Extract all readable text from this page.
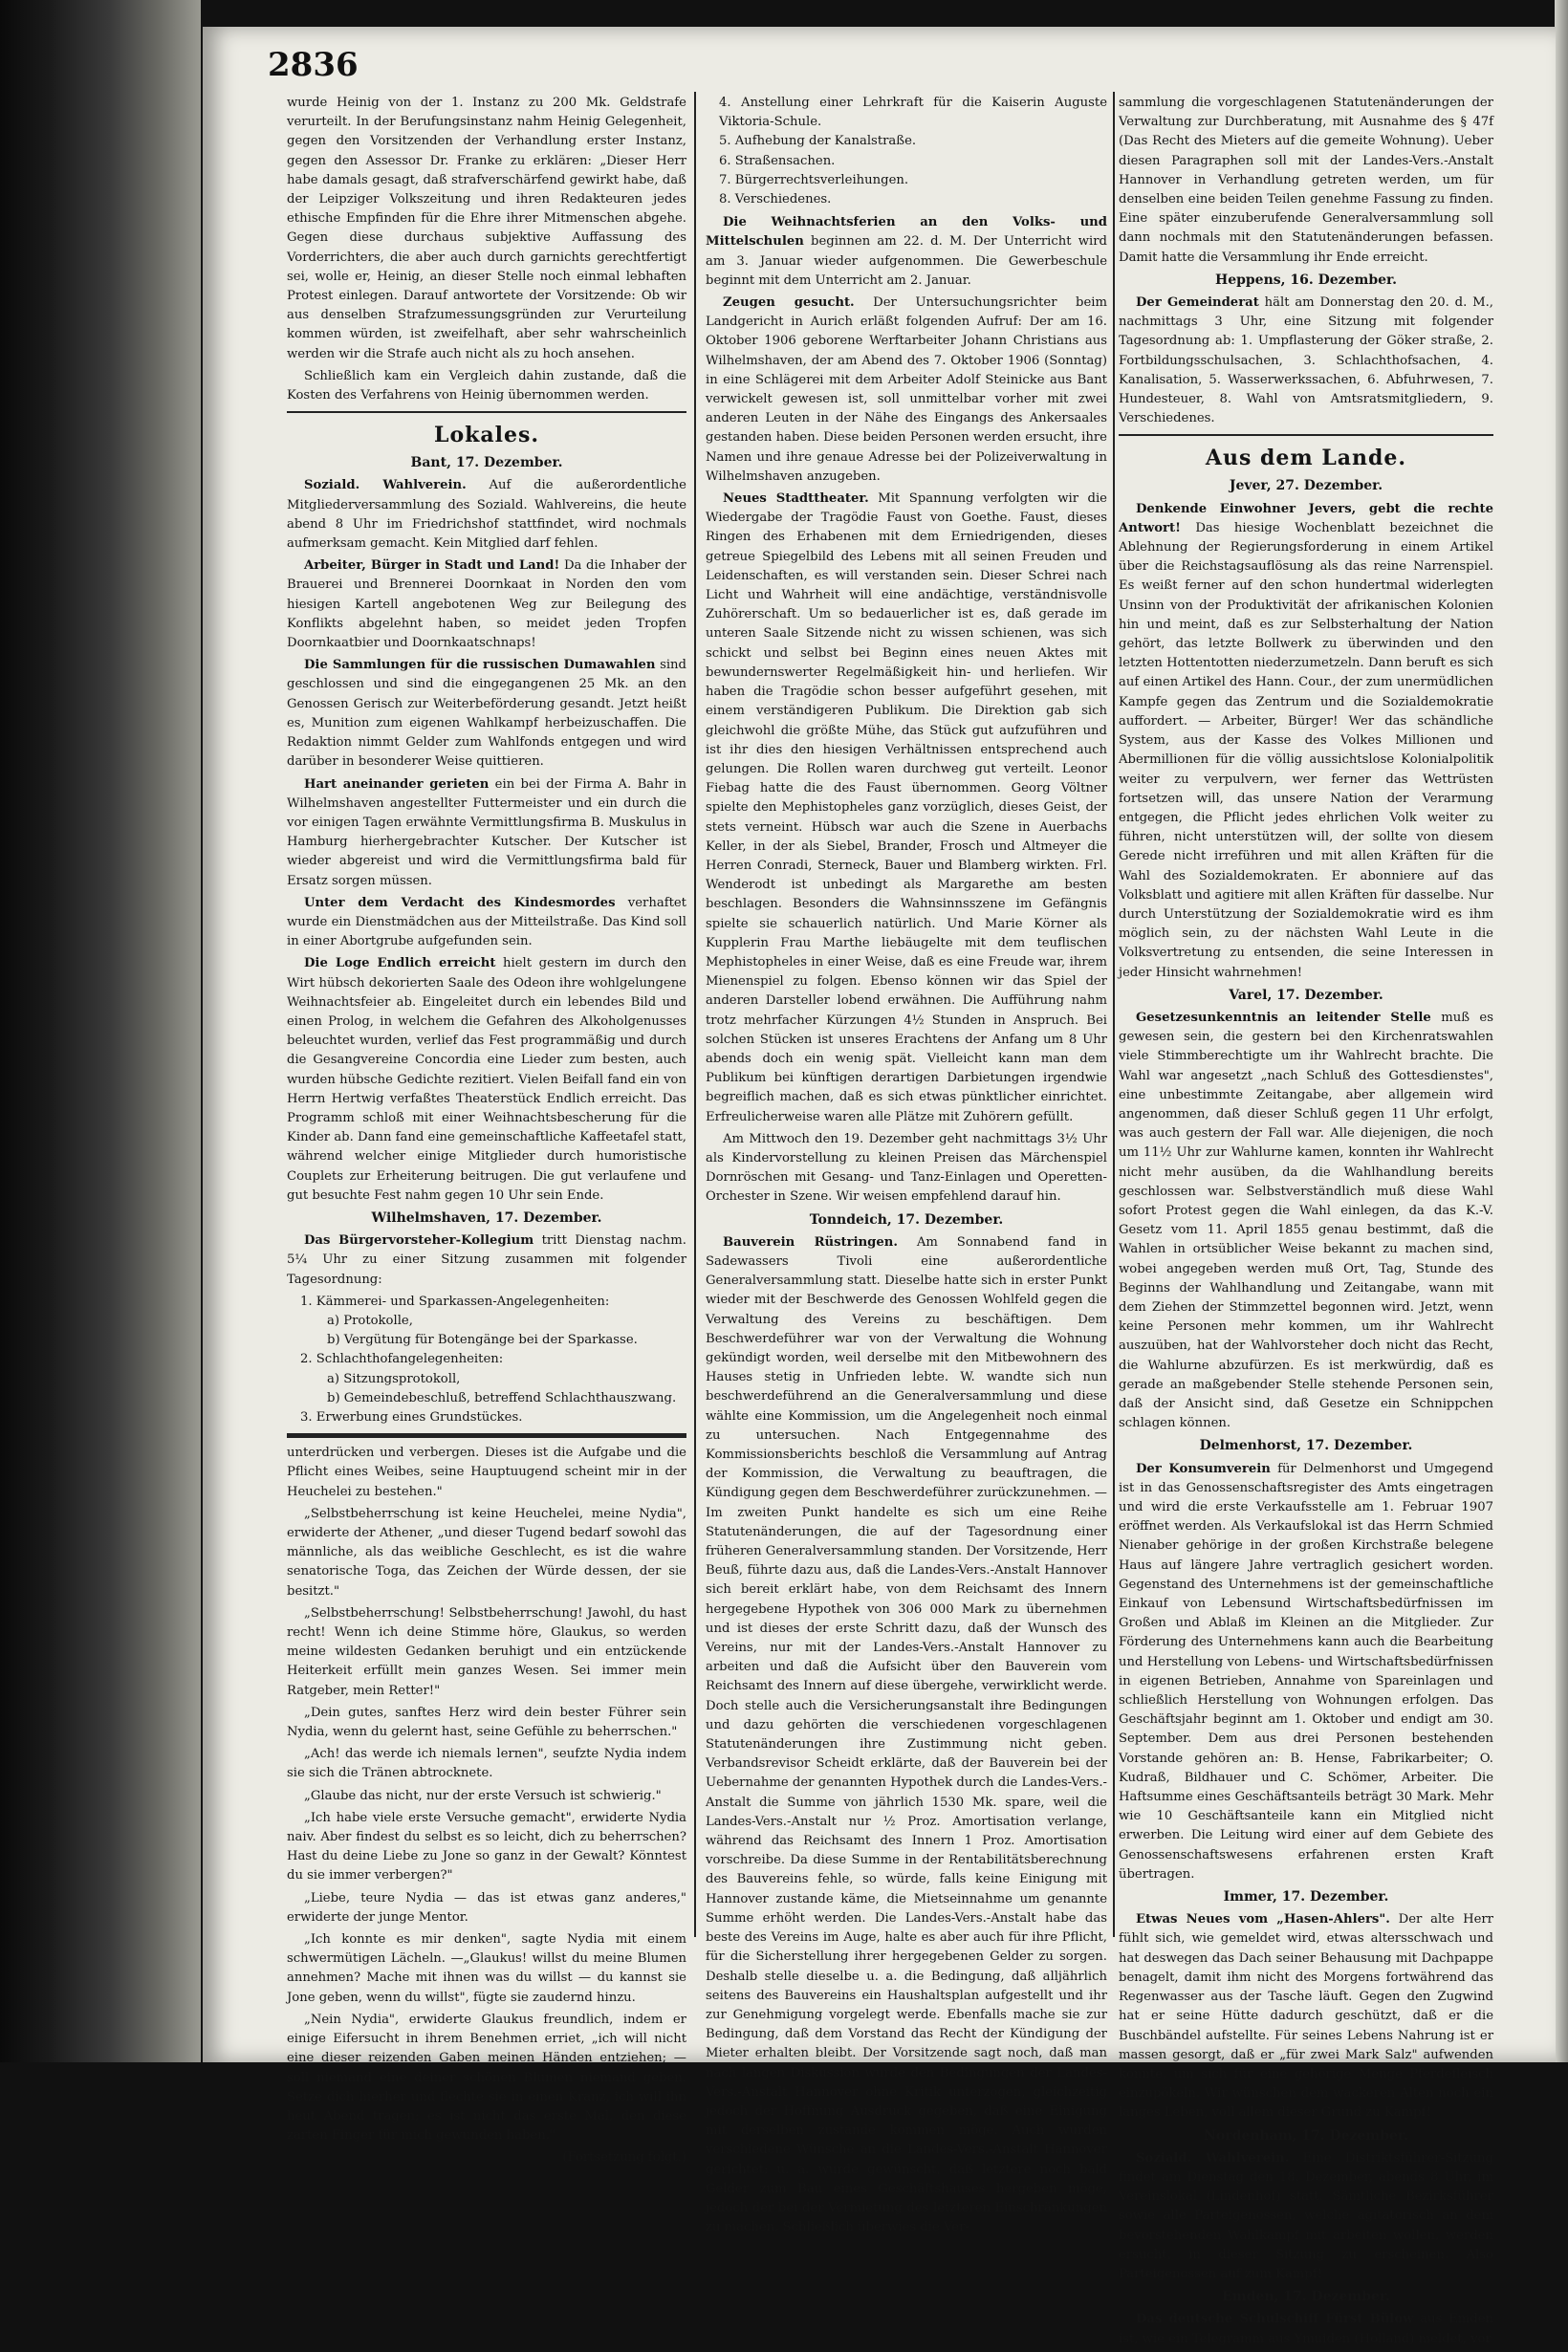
2836

wurde Heinig von der 1. Instanz zu 200 Mk. Geldstrafe verurteilt. In der Berufungsinstanz nahm Heinig Gelegenheit, gegen den Vorsitzenden der Verhandlung erster Instanz, gegen den Assessor Dr. Franke zu erklären: „Dieser Herr habe damals gesagt, daß strafverschärfend gewirkt habe, daß der Leipziger Volkszeitung und ihren Redakteuren jedes ethische Empfinden für die Ehre ihrer Mitmenschen abgehe. Gegen diese durchaus subjektive Auffassung des Vorderrichters, die aber auch durch garnichts gerechtfertigt sei, wolle er, Heinig, an dieser Stelle noch einmal lebhaften Protest einlegen. Darauf antwortete der Vorsitzende: Ob wir aus denselben Strafzumessungsgründen zur Verurteilung kommen würden, ist zweifelhaft, aber sehr wahrscheinlich werden wir die Strafe auch nicht als zu hoch ansehen.

Schließlich kam ein Vergleich dahin zustande, daß die Kosten des Verfahrens von Heinig übernommen werden.

Lokales.
Bant, 17. Dezember.

Soziald. Wahlverein. Auf die außerordentliche Mitgliederversammlung des Soziald. Wahlvereins, die heute abend 8 Uhr im Friedrichshof stattfindet, wird nochmals aufmerksam gemacht. Kein Mitglied darf fehlen.

Arbeiter, Bürger in Stadt und Land! Da die Inhaber der Brauerei und Brennerei Doornkaat in Norden den vom hiesigen Kartell angebotenen Weg zur Beilegung des Konflikts abgelehnt haben, so meidet jeden Tropfen Doornkaatbier und Doornkaatschnaps!

Die Sammlungen für die russischen Dumawahlen sind geschlossen und sind die eingegangenen 25 Mk. an den Genossen Gerisch zur Weiterbeförderung gesandt. Jetzt heißt es, Munition zum eigenen Wahlkampf herbeizuschaffen. Die Redaktion nimmt Gelder zum Wahlfonds entgegen und wird darüber in besonderer Weise quittieren.

Hart aneinander gerieten ein bei der Firma A. Bahr in Wilhelmshaven angestellter Futtermeister und ein durch die vor einigen Tagen erwähnte Vermittlungsfirma B. Muskulus in Hamburg hierhergebrachter Kutscher. Der Kutscher ist wieder abgereist und wird die Vermittlungsfirma bald für Ersatz sorgen müssen.

Unter dem Verdacht des Kindesmordes verhaftet wurde ein Dienstmädchen aus der Mitteilstraße. Das Kind soll in einer Abortgrube aufgefunden sein.

Die Loge Endlich erreicht hielt gestern im durch den Wirt hübsch dekorierten Saale des Odeon ihre wohlgelungene Weihnachtsfeier ab. Eingeleitet durch ein lebendes Bild und einen Prolog, in welchem die Gefahren des Alkoholgenusses beleuchtet wurden, verlief das Fest programmäßig und durch die Gesangvereine Concordia eine Lieder zum besten, auch wurden hübsche Gedichte rezitiert. Vielen Beifall fand ein von Herrn Hertwig verfaßtes Theaterstück Endlich erreicht. Das Programm schloß mit einer Weihnachtsbescherung für die Kinder ab. Dann fand eine gemeinschaftliche Kaffeetafel statt, während welcher einige Mitglieder durch humoristische Couplets zur Erheiterung beitrugen. Die gut verlaufene und gut besuchte Fest nahm gegen 10 Uhr sein Ende.

Wilhelmshaven, 17. Dezember.

Das Bürgervorsteher-Kollegium tritt Dienstag nachm. 5¼ Uhr zu einer Sitzung zusammen mit folgender Tagesordnung:

1. Kämmerei- und Sparkassen-Angelegenheiten:
a) Protokolle,
b) Vergütung für Botengänge bei der Sparkasse.
2. Schlachthofangelegenheiten:
a) Sitzungsprotokoll,
b) Gemeindebeschluß, betreffend Schlachthauszwang.
3. Erwerbung eines Grundstückes.

unterdrücken und verbergen. Dieses ist die Aufgabe und die Pflicht eines Weibes, seine Hauptuugend scheint mir in der Heuchelei zu bestehen."

„Selbstbeherrschung ist keine Heuchelei, meine Nydia", erwiderte der Athener, „und dieser Tugend bedarf sowohl das männliche, als das weibliche Geschlecht, es ist die wahre senatorische Toga, das Zeichen der Würde dessen, der sie besitzt."

„Selbstbeherrschung! Selbstbeherrschung! Jawohl, du hast recht! Wenn ich deine Stimme höre, Glaukus, so werden meine wildesten Gedanken beruhigt und ein entzückende Heiterkeit erfüllt mein ganzes Wesen. Sei immer mein Ratgeber, mein Retter!"

„Dein gutes, sanftes Herz wird dein bester Führer sein Nydia, wenn du gelernt hast, seine Gefühle zu beherrschen."

„Ach! das werde ich niemals lernen", seufzte Nydia indem sie sich die Tränen abtrocknete.

„Glaube das nicht, nur der erste Versuch ist schwierig."

„Ich habe viele erste Versuche gemacht", erwiderte Nydia naiv. Aber findest du selbst es so leicht, dich zu beherrschen? Hast du deine Liebe zu Jone so ganz in der Gewalt? Könntest du sie immer verbergen?"

„Liebe, teure Nydia — das ist etwas ganz anderes," erwiderte der junge Mentor.

„Ich konnte es mir denken", sagte Nydia mit einem schwermütigen Lächeln. —„Glaukus! willst du meine Blumen annehmen? Mache mit ihnen was du willst — du kannst sie Jone geben, wenn du willst", fügte sie zaudernd hinzu.

„Nein Nydia", erwiderte Glaukus freundlich, indem er einige Eifersucht in ihrem Benehmen erriet, „ich will nicht eine dieser reizenden Gaben meinen Händen entziehen; — soll niemand eine deiner schönen Blumen niemand geben. Setze dich hierher und flechte sie in einen Kranz, ich will ihn heut Abend tragen; es ist nicht das erste Mal, den diese zarten Finger für mich gewunden haben."

(Fortsetzung folgt.)
4. Anstellung einer Lehrkraft für die Kaiserin Auguste Viktoria-Schule.
5. Aufhebung der Kanalstraße.
6. Straßensachen.
7. Bürgerrechtsverleihungen.
8. Verschiedenes.

Die Weihnachtsferien an den Volks- und Mittelschulen beginnen am 22. d. M. Der Unterricht wird am 3. Januar wieder aufgenommen. Die Gewerbeschule beginnt mit dem Unterricht am 2. Januar.

Zeugen gesucht. Der Untersuchungsrichter beim Landgericht in Aurich erläßt folgenden Aufruf: Der am 16. Oktober 1906 geborene Werftarbeiter Johann Christians aus Wilhelmshaven, der am Abend des 7. Oktober 1906 (Sonntag) in eine Schlägerei mit dem Arbeiter Adolf Steinicke aus Bant verwickelt gewesen ist, soll unmittelbar vorher mit zwei anderen Leuten in der Nähe des Eingangs des Ankersaales gestanden haben. Diese beiden Personen werden ersucht, ihre Namen und ihre genaue Adresse bei der Polizeiverwaltung in Wilhelmshaven anzugeben.

Neues Stadttheater. Mit Spannung verfolgten wir die Wiedergabe der Tragödie Faust von Goethe. Faust, dieses Ringen des Erhabenen mit dem Erniedrigenden, dieses getreue Spiegelbild des Lebens mit all seinen Freuden und Leidenschaften, es will verstanden sein. Dieser Schrei nach Licht und Wahrheit will eine andächtige, verständnisvolle Zuhörerschaft. Um so bedauerlicher ist es, daß gerade im unteren Saale Sitzende nicht zu wissen schienen, was sich schickt und selbst bei Beginn eines neuen Aktes mit bewundernswerter Regelmäßigkeit hin- und herliefen. Wir haben die Tragödie schon besser aufgeführt gesehen, mit einem verständigeren Publikum. Die Direktion gab sich gleichwohl die größte Mühe, das Stück gut aufzuführen und ist ihr dies den hiesigen Verhältnissen entsprechend auch gelungen. Die Rollen waren durchweg gut verteilt. Leonor Fiebag hatte die des Faust übernommen. Georg Völtner spielte den Mephistopheles ganz vorzüglich, dieses Geist, der stets verneint. Hübsch war auch die Szene in Auerbachs Keller, in der als Siebel, Brander, Frosch und Altmeyer die Herren Conradi, Sterneck, Bauer und Blamberg wirkten. Frl. Wenderodt ist unbedingt als Margarethe am besten beschlagen. Besonders die Wahnsinnsszene im Gefängnis spielte sie schauerlich natürlich. Und Marie Körner als Kupplerin Frau Marthe liebäugelte mit dem teuflischen Mephistopheles in einer Weise, daß es eine Freude war, ihrem Mienenspiel zu folgen. Ebenso können wir das Spiel der anderen Darsteller lobend erwähnen. Die Aufführung nahm trotz mehrfacher Kürzungen 4½ Stunden in Anspruch. Bei solchen Stücken ist unseres Erachtens der Anfang um 8 Uhr abends doch ein wenig spät. Vielleicht kann man dem Publikum bei künftigen derartigen Darbietungen irgendwie begreiflich machen, daß es sich etwas pünktlicher einrichtet. Erfreulicherweise waren alle Plätze mit Zuhörern gefüllt.

Am Mittwoch den 19. Dezember geht nachmittags 3½ Uhr als Kindervorstellung zu kleinen Preisen das Märchenspiel Dornröschen mit Gesang- und Tanz-Einlagen und Operetten-Orchester in Szene. Wir weisen empfehlend darauf hin.

Tonndeich, 17. Dezember.

Bauverein Rüstringen. Am Sonnabend fand in Sadewassers Tivoli eine außerordentliche Generalversammlung statt. Dieselbe hatte sich in erster Punkt wieder mit der Beschwerde des Genossen Wohlfeld gegen die Verwaltung des Vereins zu beschäftigen. Dem Beschwerdeführer war von der Verwaltung die Wohnung gekündigt worden, weil derselbe mit den Mitbewohnern des Hauses stetig in Unfrieden lebte. W. wandte sich nun beschwerdeführend an die Generalversammlung und diese wählte eine Kommission, um die Angelegenheit noch einmal zu untersuchen. Nach Entgegennahme des Kommissionsberichts beschloß die Versammlung auf Antrag der Kommission, die Verwaltung zu beauftragen, die Kündigung gegen dem Beschwerdeführer zurückzunehmen. — Im zweiten Punkt handelte es sich um eine Reihe Statutenänderungen, die auf der Tagesordnung einer früheren Generalversammlung standen. Der Vorsitzende, Herr Beuß, führte dazu aus, daß die Landes-Vers.-Anstalt Hannover sich bereit erklärt habe, von dem Reichsamt des Innern hergegebene Hypothek von 306 000 Mark zu übernehmen und ist dieses der erste Schritt dazu, daß der Wunsch des Vereins, nur mit der Landes-Vers.-Anstalt Hannover zu arbeiten und daß die Aufsicht über den Bauverein vom Reichsamt des Innern auf diese übergehe, verwirklicht werde. Doch stelle auch die Versicherungsanstalt ihre Bedingungen und dazu gehörten die verschiedenen vorgeschlagenen Statutenänderungen ihre Zustimmung nicht geben. Verbandsrevisor Scheidt erklärte, daß der Bauverein bei der Uebernahme der genannten Hypothek durch die Landes-Vers.-Anstalt die Summe von jährlich 1530 Mk. spare, weil die Landes-Vers.-Anstalt nur ½ Proz. Amortisation verlange, während das Reichsamt des Innern 1 Proz. Amortisation vorschreibe. Da diese Summe in der Rentabilitätsberechnung des Bauvereins fehle, so würde, falls keine Einigung mit Hannover zustande käme, die Mietseinnahme um genannte Summe erhöht werden. Die Landes-Vers.-Anstalt habe das beste des Vereins im Auge, halte es aber auch für ihre Pflicht, für die Sicherstellung ihrer hergegebenen Gelder zu sorgen. Deshalb stelle dieselbe u. a. die Bedingung, daß alljährlich seitens des Bauvereins ein Haushaltsplan aufgestellt und ihr zur Genehmigung vorgelegt werde. Ebenfalls mache sie zur Bedingung, daß dem Vorstand das Recht der Kündigung der Mieter erhalten bleibt. Der Vorsitzende sagt noch, daß man nach langen Diskussion wurde den Bedingungen der Landes-Vers.-Anstalt Hannover ohne Kritik unterzogen, gleichzeitig jedoch der Hoffnung Ausdruck gegeben, daß eine Einigung mit derselben zustande kommen möge. Auch wurden verschiedene Wünsche an die Landes-Vers.-Anstalt Hannover gerichtet; u. a. wurde gewünscht, daß letztere noch bald Gelder zum Bau eines Geschäftshauses hergeben möge, jedoch der bei der Vermietung des letzteren Einschränkungen zu machen. Schließlich überwies die Ver-

sammlung die vorgeschlagenen Statutenänderungen der Verwaltung zur Durchberatung, mit Ausnahme des § 47f (Das Recht des Mieters auf die gemeite Wohnung). Ueber diesen Paragraphen soll mit der Landes-Vers.-Anstalt Hannover in Verhandlung getreten werden, um für denselben eine beiden Teilen genehme Fassung zu finden. Eine später einzuberufende Generalversammlung soll dann nochmals mit den Statutenänderungen befassen. Damit hatte die Versammlung ihr Ende erreicht.

Heppens, 16. Dezember.

Der Gemeinderat hält am Donnerstag den 20. d. M., nachmittags 3 Uhr, eine Sitzung mit folgender Tagesordnung ab: 1. Umpflasterung der Göker straße, 2. Fortbildungsschulsachen, 3. Schlachthofsachen, 4. Kanalisation, 5. Wasserwerkssachen, 6. Abfuhrwesen, 7. Hundesteuer, 8. Wahl von Amtsratsmitgliedern, 9. Verschiedenes.

Aus dem Lande.
Jever, 27. Dezember.

Denkende Einwohner Jevers, gebt die rechte Antwort! Das hiesige Wochenblatt bezeichnet die Ablehnung der Regierungsforderung in einem Artikel über die Reichstagsauflösung als das reine Narrenspiel. Es weißt ferner auf den schon hundertmal widerlegten Unsinn von der Produktivität der afrikanischen Kolonien hin und meint, daß es zur Selbsterhaltung der Nation gehört, das letzte Bollwerk zu überwinden und den letzten Hottentotten niederzumetzeln. Dann beruft es sich auf einen Artikel des Hann. Cour., der zum unermüdlichen Kampfe gegen das Zentrum und die Sozialdemokratie auffordert. — Arbeiter, Bürger! Wer das schändliche System, aus der Kasse des Volkes Millionen und Abermillionen für die völlig aussichtslose Kolonialpolitik weiter zu verpulvern, wer ferner das Wettrüsten fortsetzen will, das unsere Nation der Verarmung entgegen, die Pflicht jedes ehrlichen Volk weiter zu führen, nicht unterstützen will, der sollte von diesem Gerede nicht irreführen und mit allen Kräften für die Wahl des Sozialdemokraten. Er abonniere auf das Volksblatt und agitiere mit allen Kräften für dasselbe. Nur durch Unterstützung der Sozialdemokratie wird es ihm möglich sein, zu der nächsten Wahl Leute in die Volksvertretung zu entsenden, die seine Interessen in jeder Hinsicht wahrnehmen!

Varel, 17. Dezember.

Gesetzesunkenntnis an leitender Stelle muß es gewesen sein, die gestern bei den Kirchenratswahlen viele Stimmberechtigte um ihr Wahlrecht brachte. Die Wahl war angesetzt „nach Schluß des Gottesdienstes", eine unbestimmte Zeitangabe, aber allgemein wird angenommen, daß dieser Schluß gegen 11 Uhr erfolgt, was auch gestern der Fall war. Alle diejenigen, die noch um 11½ Uhr zur Wahlurne kamen, konnten ihr Wahlrecht nicht mehr ausüben, da die Wahlhandlung bereits geschlossen war. Selbstverständlich muß diese Wahl sofort Protest gegen die Wahl einlegen, da das K.-V. Gesetz vom 11. April 1855 genau bestimmt, daß die Wahlen in ortsüblicher Weise bekannt zu machen sind, wobei angegeben werden muß Ort, Tag, Stunde des Beginns der Wahlhandlung und Zeitangabe, wann mit dem Ziehen der Stimmzettel begonnen wird. Jetzt, wenn keine Personen mehr kommen, um ihr Wahlrecht auszuüben, hat der Wahlvorsteher doch nicht das Recht, die Wahlurne abzufürzen. Es ist merkwürdig, daß es gerade an maßgebender Stelle stehende Personen sein, daß der Ansicht sind, daß Gesetze ein Schnippchen schlagen können.

Delmenhorst, 17. Dezember.

Der Konsumverein für Delmenhorst und Umgegend ist in das Genossenschaftsregister des Amts eingetragen und wird die erste Verkaufsstelle am 1. Februar 1907 eröffnet werden. Als Verkaufslokal ist das Herrn Schmied Nienaber gehörige in der großen Kirchstraße belegene Haus auf längere Jahre vertraglich gesichert worden. Gegenstand des Unternehmens ist der gemeinschaftliche Einkauf von Lebensund Wirtschaftsbedürfnissen im Großen und Ablaß im Kleinen an die Mitglieder. Zur Förderung des Unternehmens kann auch die Bearbeitung und Herstellung von Lebens- und Wirtschaftsbedürfnissen in eigenen Betrieben, Annahme von Spareinlagen und schließlich Herstellung von Wohnungen erfolgen. Das Geschäftsjahr beginnt am 1. Oktober und endigt am 30. September. Dem aus drei Personen bestehenden Vorstande gehören an: B. Hense, Fabrikarbeiter; O. Kudraß, Bildhauer und C. Schömer, Arbeiter. Die Haftsumme eines Geschäftsanteils beträgt 30 Mark. Mehr wie 10 Geschäftsanteile kann ein Mitglied nicht erwerben. Die Leitung wird einer auf dem Gebiete des Genossenschaftswesens erfahrenen ersten Kraft übertragen.

Immer, 17. Dezember.

Etwas Neues vom „Hasen-Ahlers". Der alte Herr fühlt sich, wie gemeldet wird, etwas altersschwach und hat deswegen das Dach seiner Behausung mit Dachpappe benagelt, damit ihm nicht des Morgens fortwährend das Regenwasser aus der Tasche läuft. Gegen den Zugwind hat er seine Hütte dadurch geschützt, daß er die Buschbändel aufstellte. Für seines Lebens Nahrung ist er massen gesorgt, daß er „für zwei Mark Salz" aufwenden konnte, um sich für eine gehörige Menge Pferdefleisch einzupökeln. Wir wünschen dem wackeren Alten noch ein langes Leben, voll allem dieser Grund zu Kampf!

Nordenham, 17. Dezember.

Soziald. Wahlverein. Eine Distriktsführer-Sitzung findet am Dienstag den 18. Dezember, abends 8 Uhr, im Vereinslokal (Lindenhof) statt. Sämtliche Bezirksführer sowie alle Parteigenossen, welche agitatorisch an dem bevorstehenden Wahlkampf mit arbeiten wollen, werden ersucht, in dieser Sitzung zu erscheinen. Also Parteigenossen auf zum Kampf!

Emden, 17. Dezember.

Das deutsche Schulschiff Fürst Bülow aus Emden ist, wie ein Telegramm aus Ymuiden (Holland) meldet, vor
